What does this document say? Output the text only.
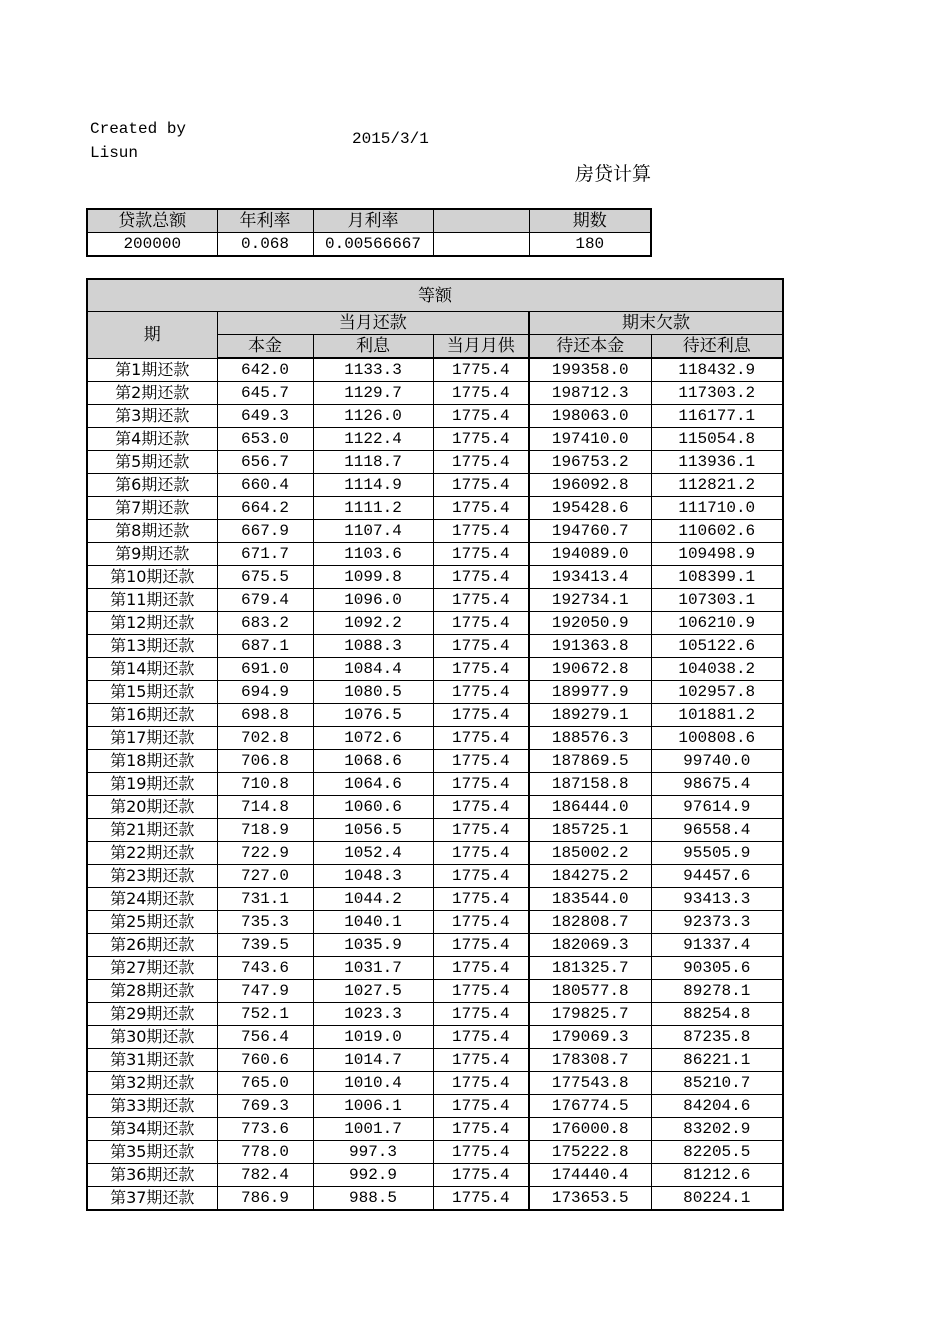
Created by Lisun
2015/3/1
房贷计算
贷款总额	年利率	月利率		期数
200000	0.068	0.00566667		180
等额					
期	当月还款			期末欠款	
	本金	利息	当月月供	待还本金	待还利息
第1期还款	642.0	1133.3	1775.4	199358.0	118432.9
第2期还款	645.7	1129.7	1775.4	198712.3	117303.2
第3期还款	649.3	1126.0	1775.4	198063.0	116177.1
第4期还款	653.0	1122.4	1775.4	197410.0	115054.8
第5期还款	656.7	1118.7	1775.4	196753.2	113936.1
第6期还款	660.4	1114.9	1775.4	196092.8	112821.2
第7期还款	664.2	1111.2	1775.4	195428.6	111710.0
第8期还款	667.9	1107.4	1775.4	194760.7	110602.6
第9期还款	671.7	1103.6	1775.4	194089.0	109498.9
第10期还款	675.5	1099.8	1775.4	193413.4	108399.1
第11期还款	679.4	1096.0	1775.4	192734.1	107303.1
第12期还款	683.2	1092.2	1775.4	192050.9	106210.9
第13期还款	687.1	1088.3	1775.4	191363.8	105122.6
第14期还款	691.0	1084.4	1775.4	190672.8	104038.2
第15期还款	694.9	1080.5	1775.4	189977.9	102957.8
第16期还款	698.8	1076.5	1775.4	189279.1	101881.2
第17期还款	702.8	1072.6	1775.4	188576.3	100808.6
第18期还款	706.8	1068.6	1775.4	187869.5	99740.0
第19期还款	710.8	1064.6	1775.4	187158.8	98675.4
第20期还款	714.8	1060.6	1775.4	186444.0	97614.9
第21期还款	718.9	1056.5	1775.4	185725.1	96558.4
第22期还款	722.9	1052.4	1775.4	185002.2	95505.9
第23期还款	727.0	1048.3	1775.4	184275.2	94457.6
第24期还款	731.1	1044.2	1775.4	183544.0	93413.3
第25期还款	735.3	1040.1	1775.4	182808.7	92373.3
第26期还款	739.5	1035.9	1775.4	182069.3	91337.4
第27期还款	743.6	1031.7	1775.4	181325.7	90305.6
第28期还款	747.9	1027.5	1775.4	180577.8	89278.1
第29期还款	752.1	1023.3	1775.4	179825.7	88254.8
第30期还款	756.4	1019.0	1775.4	179069.3	87235.8
第31期还款	760.6	1014.7	1775.4	178308.7	86221.1
第32期还款	765.0	1010.4	1775.4	177543.8	85210.7
第33期还款	769.3	1006.1	1775.4	176774.5	84204.6
第34期还款	773.6	1001.7	1775.4	176000.8	83202.9
第35期还款	778.0	997.3	1775.4	175222.8	82205.5
第36期还款	782.4	992.9	1775.4	174440.4	81212.6
第37期还款	786.9	988.5	1775.4	173653.5	80224.1
